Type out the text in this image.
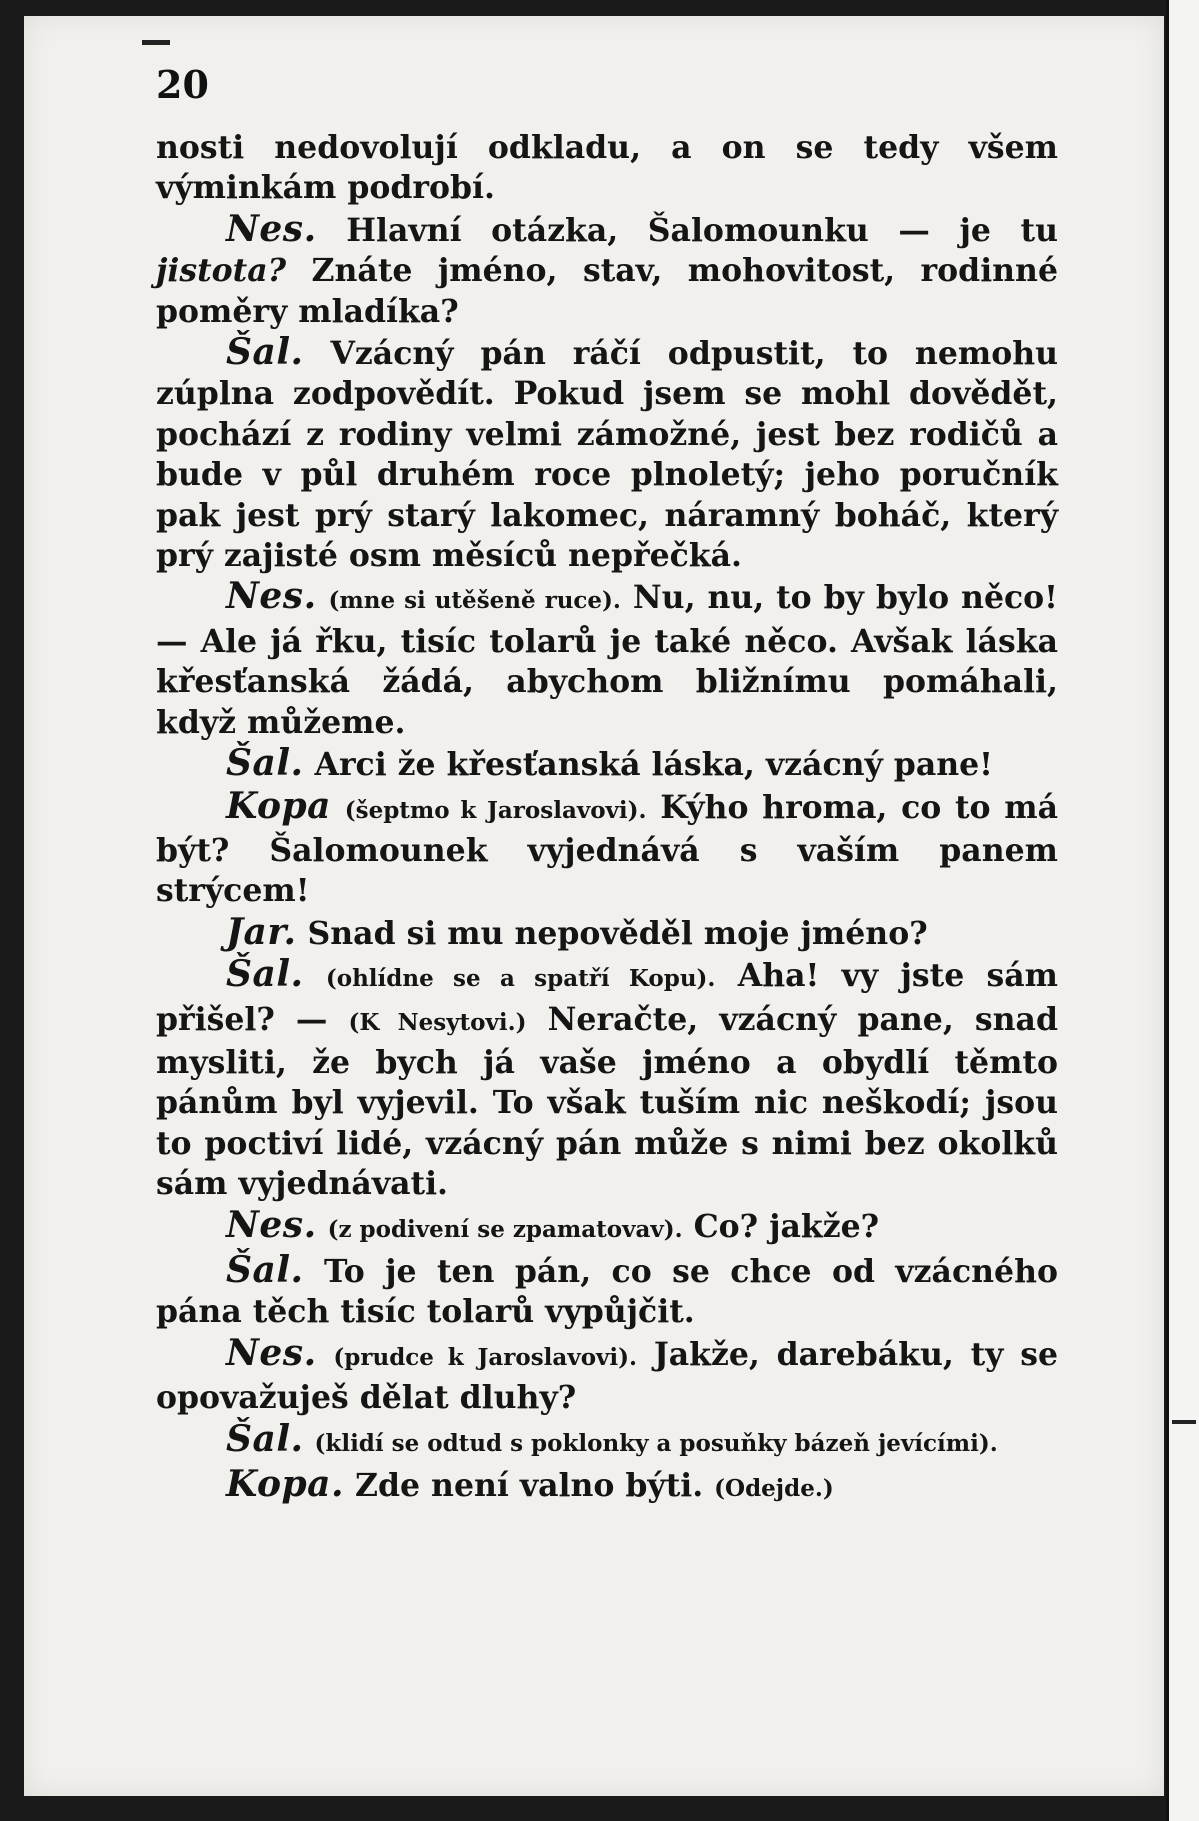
20

nosti nedovolují odkladu, a on se tedy všem výminkám podrobí.

Nes. Hlavní otázka, Šalomounku — je tu jistota? Znáte jméno, stav, mohovitost, rodinné poměry mladíka?

Šal. Vzácný pán ráčí odpustit, to nemohu zúplna zodpovědít. Pokud jsem se mohl dovědět, pochází z rodiny velmi zámožné, jest bez rodičů a bude v půl druhém roce plnoletý; jeho poručník pak jest prý starý lakomec, náramný boháč, který prý zajisté osm měsíců nepřečká.

Nes. (mne si utěšeně ruce). Nu, nu, to by bylo něco! — Ale já řku, tisíc tolarů je také něco. Avšak láska křesťanská žádá, abychom bližnímu pomáhali, když můžeme.

Šal. Arci že křesťanská láska, vzácný pane!

Kopa (šeptmo k Jaroslavovi). Kýho hroma, co to má být? Šalomounek vyjednává s vaším panem strýcem!

Jar. Snad si mu nepověděl moje jméno?

Šal. (ohlídne se a spatří Kopu). Aha! vy jste sám přišel? — (K Nesytovi.) Neračte, vzácný pane, snad mysliti, že bych já vaše jméno a obydlí těmto pánům byl vyjevil. To však tuším nic neškodí; jsou to poctiví lidé, vzácný pán může s nimi bez okolků sám vyjednávati.

Nes. (z podivení se zpamatovav). Co? jakže?

Šal. To je ten pán, co se chce od vzácného pána těch tisíc tolarů vypůjčit.

Nes. (prudce k Jaroslavovi). Jakže, darebáku, ty se opovažuješ dělat dluhy?

Šal. (klidí se odtud s poklonky a posuňky bázeň jevícími).

Kopa. Zde není valno býti. (Odejde.)
